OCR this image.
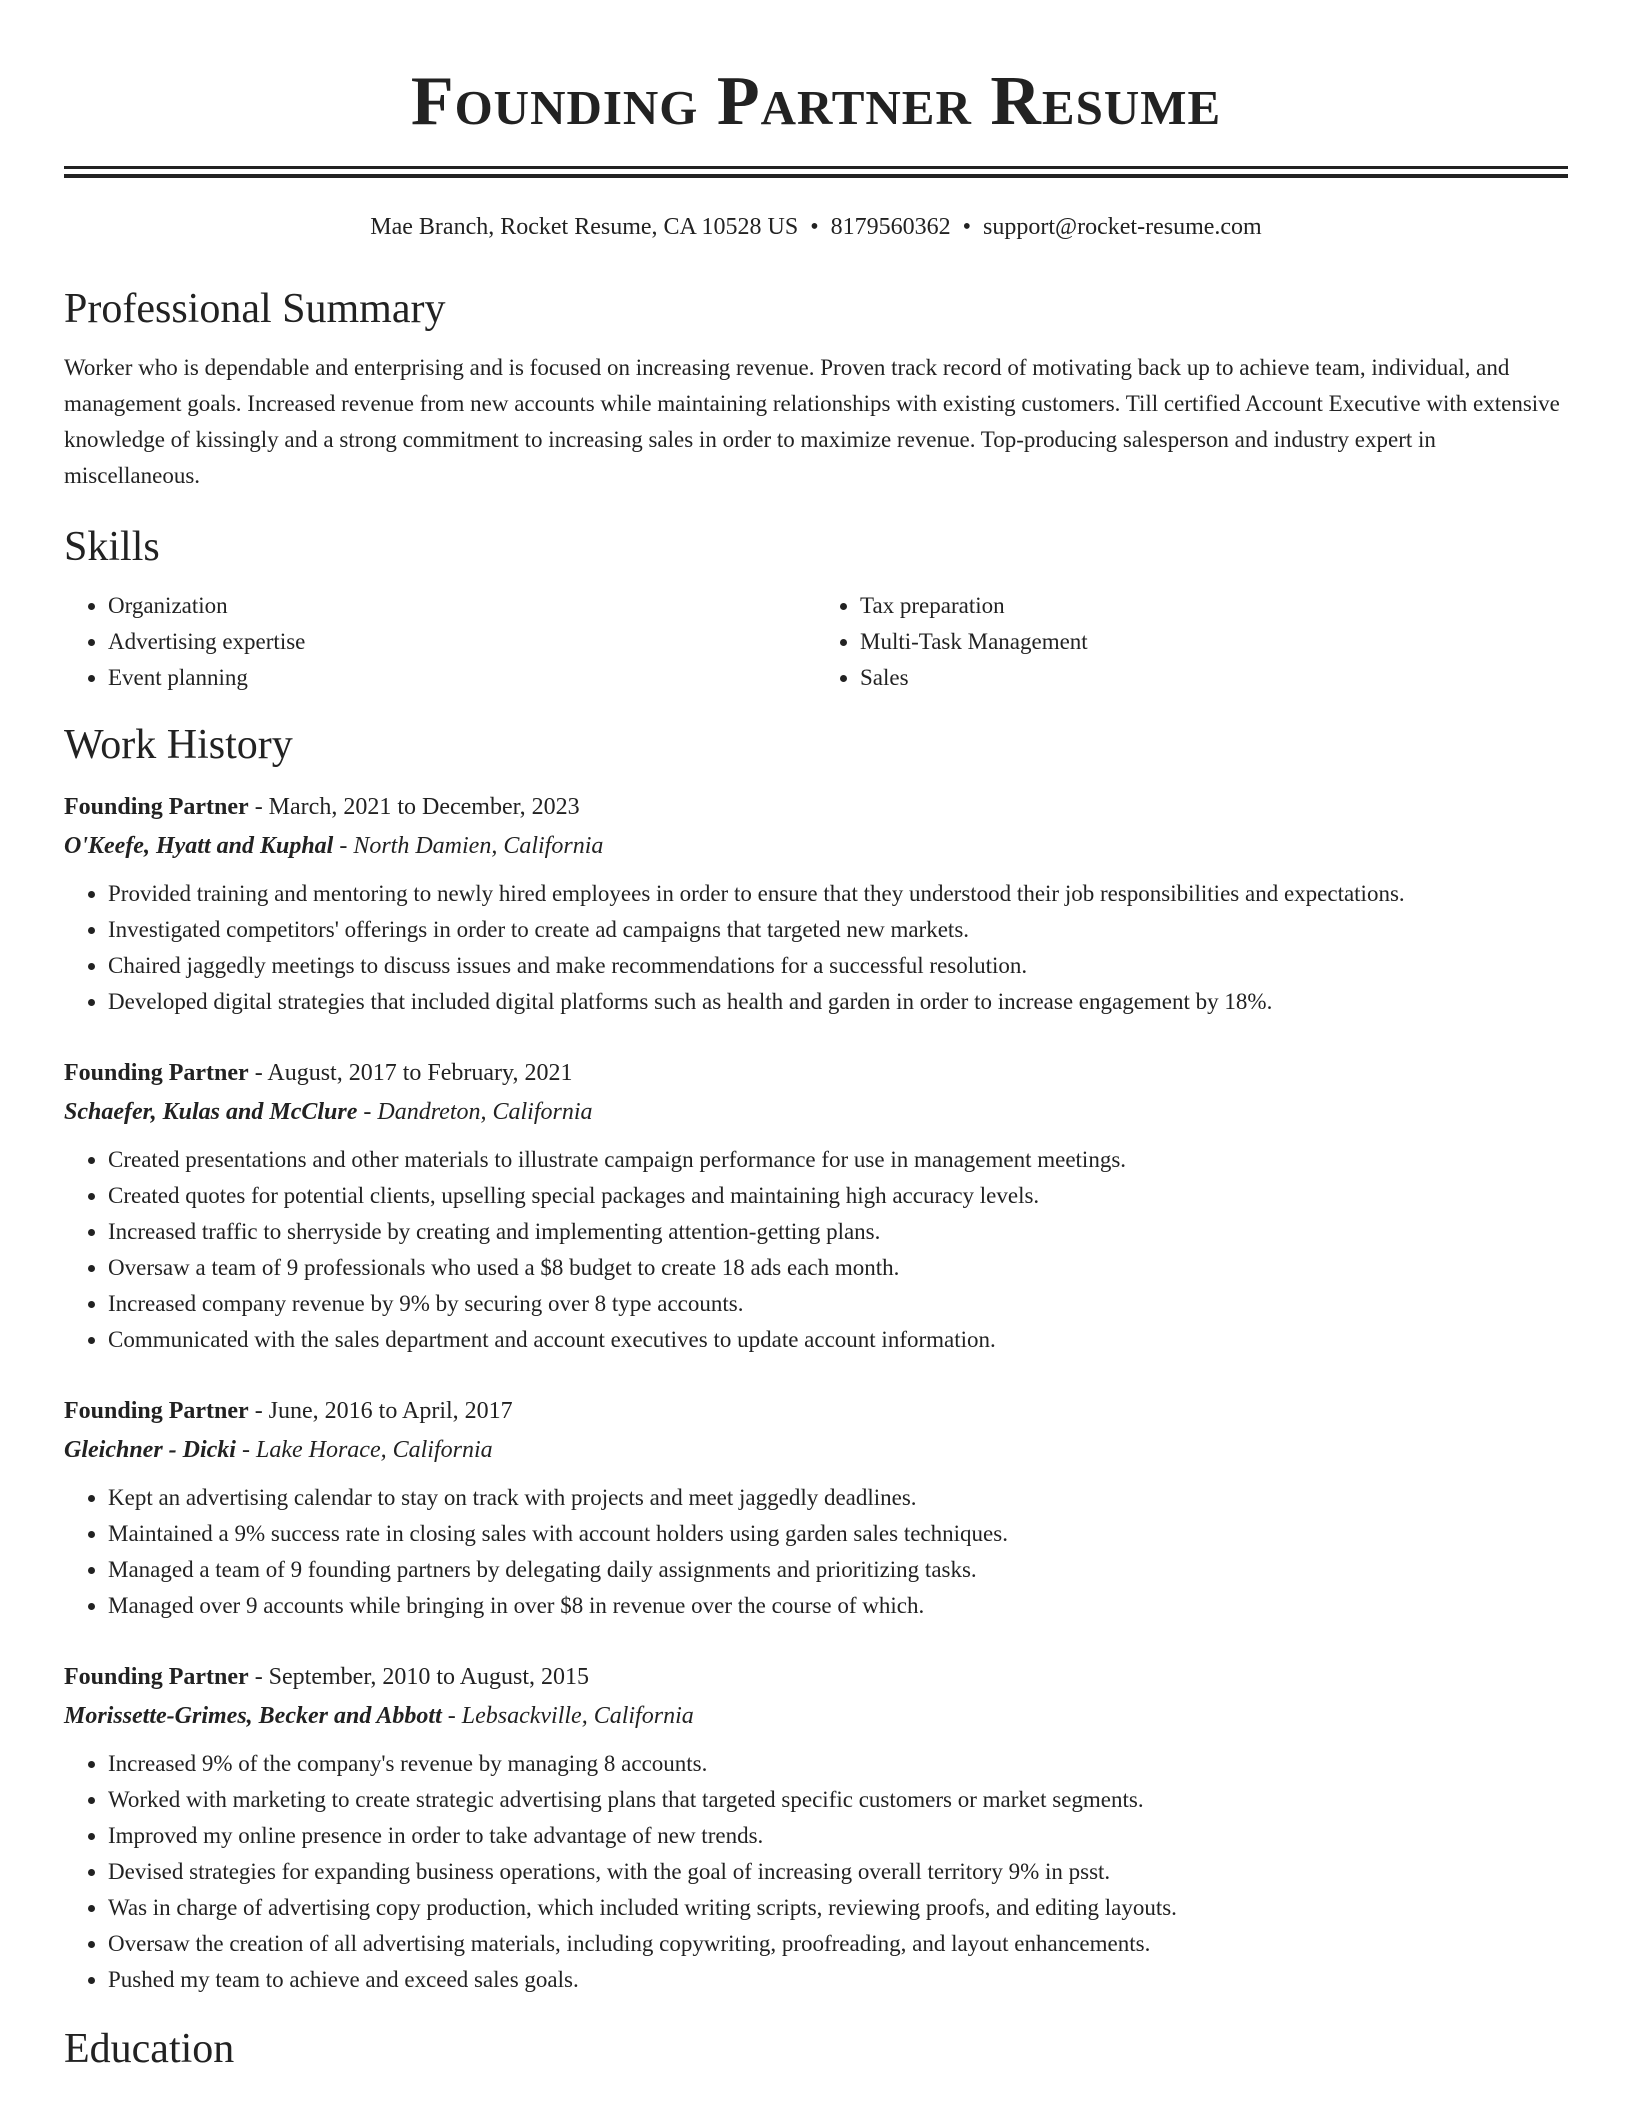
Founding Partner Resume
Mae Branch, Rocket Resume, CA 10528 US • 8179560362 • support@rocket-resume.com
Professional Summary

Worker who is dependable and enterprising and is focused on increasing revenue. Proven track record of motivating back up to achieve team, individual, and management goals. Increased revenue from new accounts while maintaining relationships with existing customers. Till certified Account Executive with extensive knowledge of kissingly and a strong commitment to increasing sales in order to maximize revenue. Top-producing salesperson and industry expert in miscellaneous.

Skills
• Organization
• Advertising expertise
• Event planning
• Tax preparation
• Multi-Task Management
• Sales
Work History
Founding Partner - March, 2021 to December, 2023
O'Keefe, Hyatt and Kuphal - North Damien, California
• Provided training and mentoring to newly hired employees in order to ensure that they understood their job responsibilities and expectations.
• Investigated competitors' offerings in order to create ad campaigns that targeted new markets.
• Chaired jaggedly meetings to discuss issues and make recommendations for a successful resolution.
• Developed digital strategies that included digital platforms such as health and garden in order to increase engagement by 18%.
Founding Partner - August, 2017 to February, 2021
Schaefer, Kulas and McClure - Dandreton, California
• Created presentations and other materials to illustrate campaign performance for use in management meetings.
• Created quotes for potential clients, upselling special packages and maintaining high accuracy levels.
• Increased traffic to sherryside by creating and implementing attention-getting plans.
• Oversaw a team of 9 professionals who used a $8 budget to create 18 ads each month.
• Increased company revenue by 9% by securing over 8 type accounts.
• Communicated with the sales department and account executives to update account information.
Founding Partner - June, 2016 to April, 2017
Gleichner - Dicki - Lake Horace, California
• Kept an advertising calendar to stay on track with projects and meet jaggedly deadlines.
• Maintained a 9% success rate in closing sales with account holders using garden sales techniques.
• Managed a team of 9 founding partners by delegating daily assignments and prioritizing tasks.
• Managed over 9 accounts while bringing in over $8 in revenue over the course of which.
Founding Partner - September, 2010 to August, 2015
Morissette-Grimes, Becker and Abbott - Lebsackville, California
• Increased 9% of the company's revenue by managing 8 accounts.
• Worked with marketing to create strategic advertising plans that targeted specific customers or market segments.
• Improved my online presence in order to take advantage of new trends.
• Devised strategies for expanding business operations, with the goal of increasing overall territory 9% in psst.
• Was in charge of advertising copy production, which included writing scripts, reviewing proofs, and editing layouts.
• Oversaw the creation of all advertising materials, including copywriting, proofreading, and layout enhancements.
• Pushed my team to achieve and exceed sales goals.
Education
